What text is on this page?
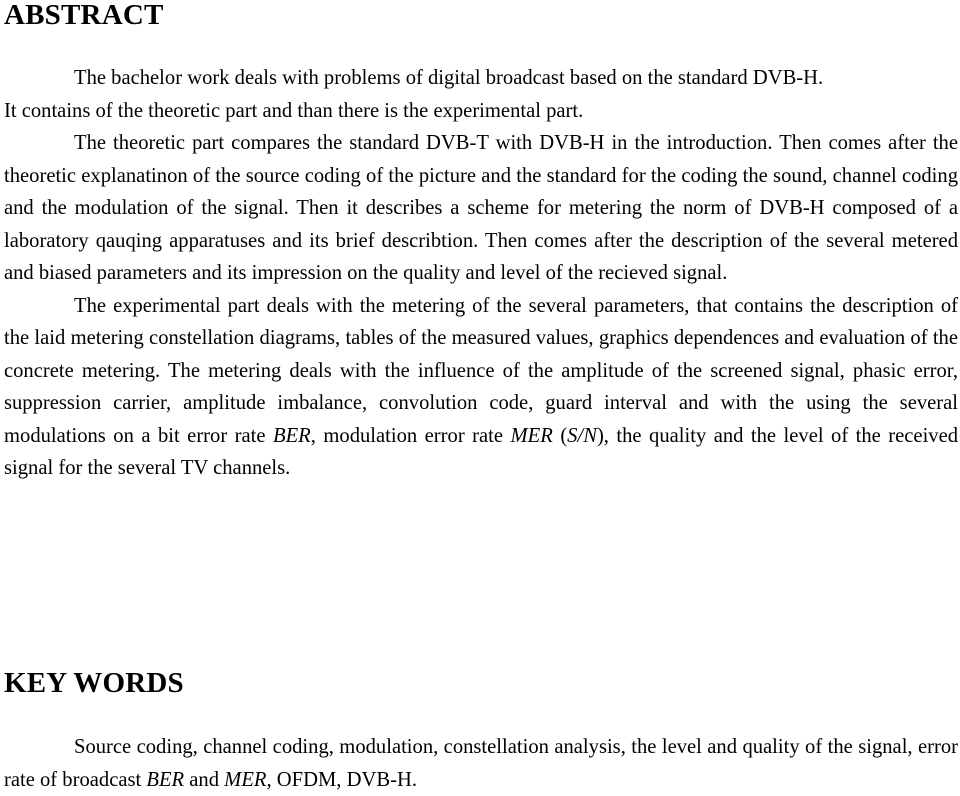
ABSTRACT

The bachelor work deals with problems of digital broadcast based on the standard DVB-H.

It contains of the theoretic part and than there is the experimental part.

The theoretic part compares the standard DVB-T with DVB-H in the introduction. Then comes after the theoretic explanatinon of the source coding of the picture and the standard for the coding the sound, channel coding and the modulation of the signal. Then it describes a scheme for metering the norm of DVB-H composed of a laboratory qauqing apparatuses and its brief describtion. Then comes after the description of the several metered and biased parameters and its impression on the quality and level of the recieved signal.

The experimental part deals with the metering of the several parameters, that contains the description of the laid metering constellation diagrams, tables of the measured values, graphics dependences and evaluation of the concrete metering. The metering deals with the influence of the amplitude of the screened signal, phasic error, suppression carrier, amplitude imbalance, convolution code, guard interval and with the using the several modulations on a bit error rate BER, modulation error rate MER (S/N), the quality and the level of the received signal for the several TV channels.

KEY WORDS

Source coding, channel coding, modulation, constellation analysis, the level and quality of the signal, error rate of broadcast BER and MER, OFDM, DVB-H.
